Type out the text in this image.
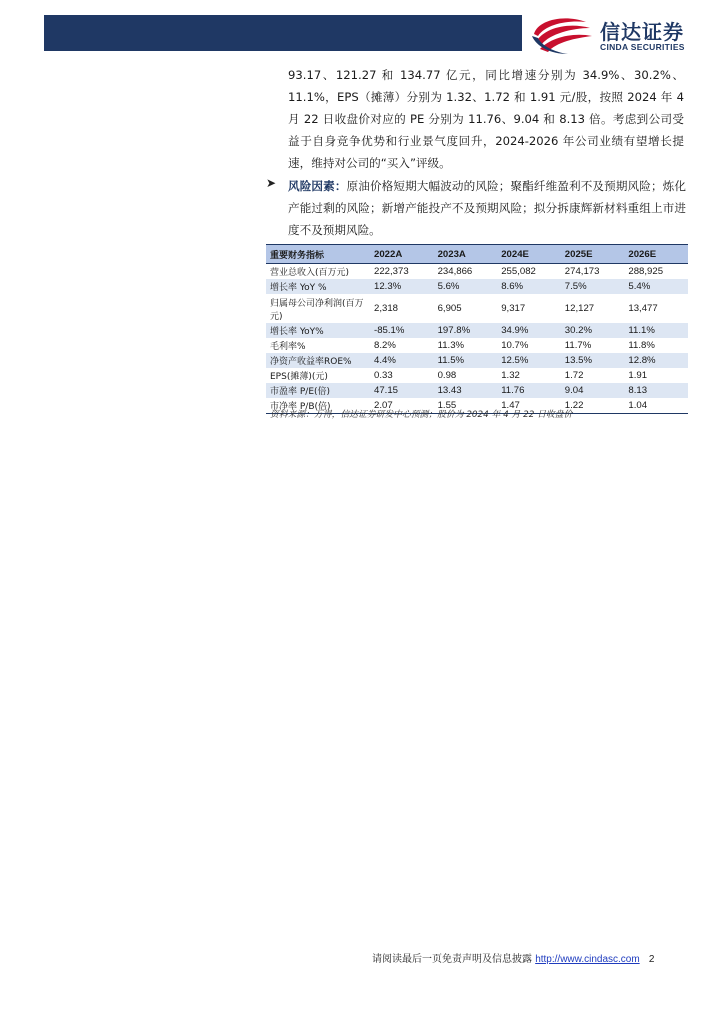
信达证券
CINDA SECURITIES
93.17、121.27 和 134.77 亿元，同比增速分别为 34.9%、30.2%、11.1%，EPS（摊薄）分别为 1.32、1.72 和 1.91 元/股，按照 2024 年 4 月 22 日收盘价对应的 PE 分别为 11.76、9.04 和 8.13 倍。考虑到公司受益于自身竞争优势和行业景气度回升，2024-2026 年公司业绩有望增长提速，维持对公司的“买入”评级。
➤ 风险因素：原油价格短期大幅波动的风险；聚酯纤维盈利不及预期风险；炼化产能过剩的风险；新增产能投产不及预期风险；拟分拆康辉新材料重组上市进度不及预期风险。
重要财务指标	2022A	2023A	2024E	2025E	2026E
营业总收入(百万元)	222,373	234,866	255,082	274,173	288,925
增长率 YoY %	12.3%	5.6%	8.6%	7.5%	5.4%
归属母公司净利润(百万元)	2,318	6,905	9,317	12,127	13,477
增长率 YoY%	-85.1%	197.8%	34.9%	30.2%	11.1%
毛利率%	8.2%	11.3%	10.7%	11.7%	11.8%
净资产收益率ROE%	4.4%	11.5%	12.5%	13.5%	12.8%
EPS(摊薄)(元)	0.33	0.98	1.32	1.72	1.91
市盈率 P/E(倍)	47.15	13.43	11.76	9.04	8.13
市净率 P/B(倍)	2.07	1.55	1.47	1.22	1.04
资料来源：万得，信达证券研发中心预测；股价为 2024 年 4 月 22 日收盘价
请阅读最后一页免责声明及信息披露 http://www.cindasc.com 2
